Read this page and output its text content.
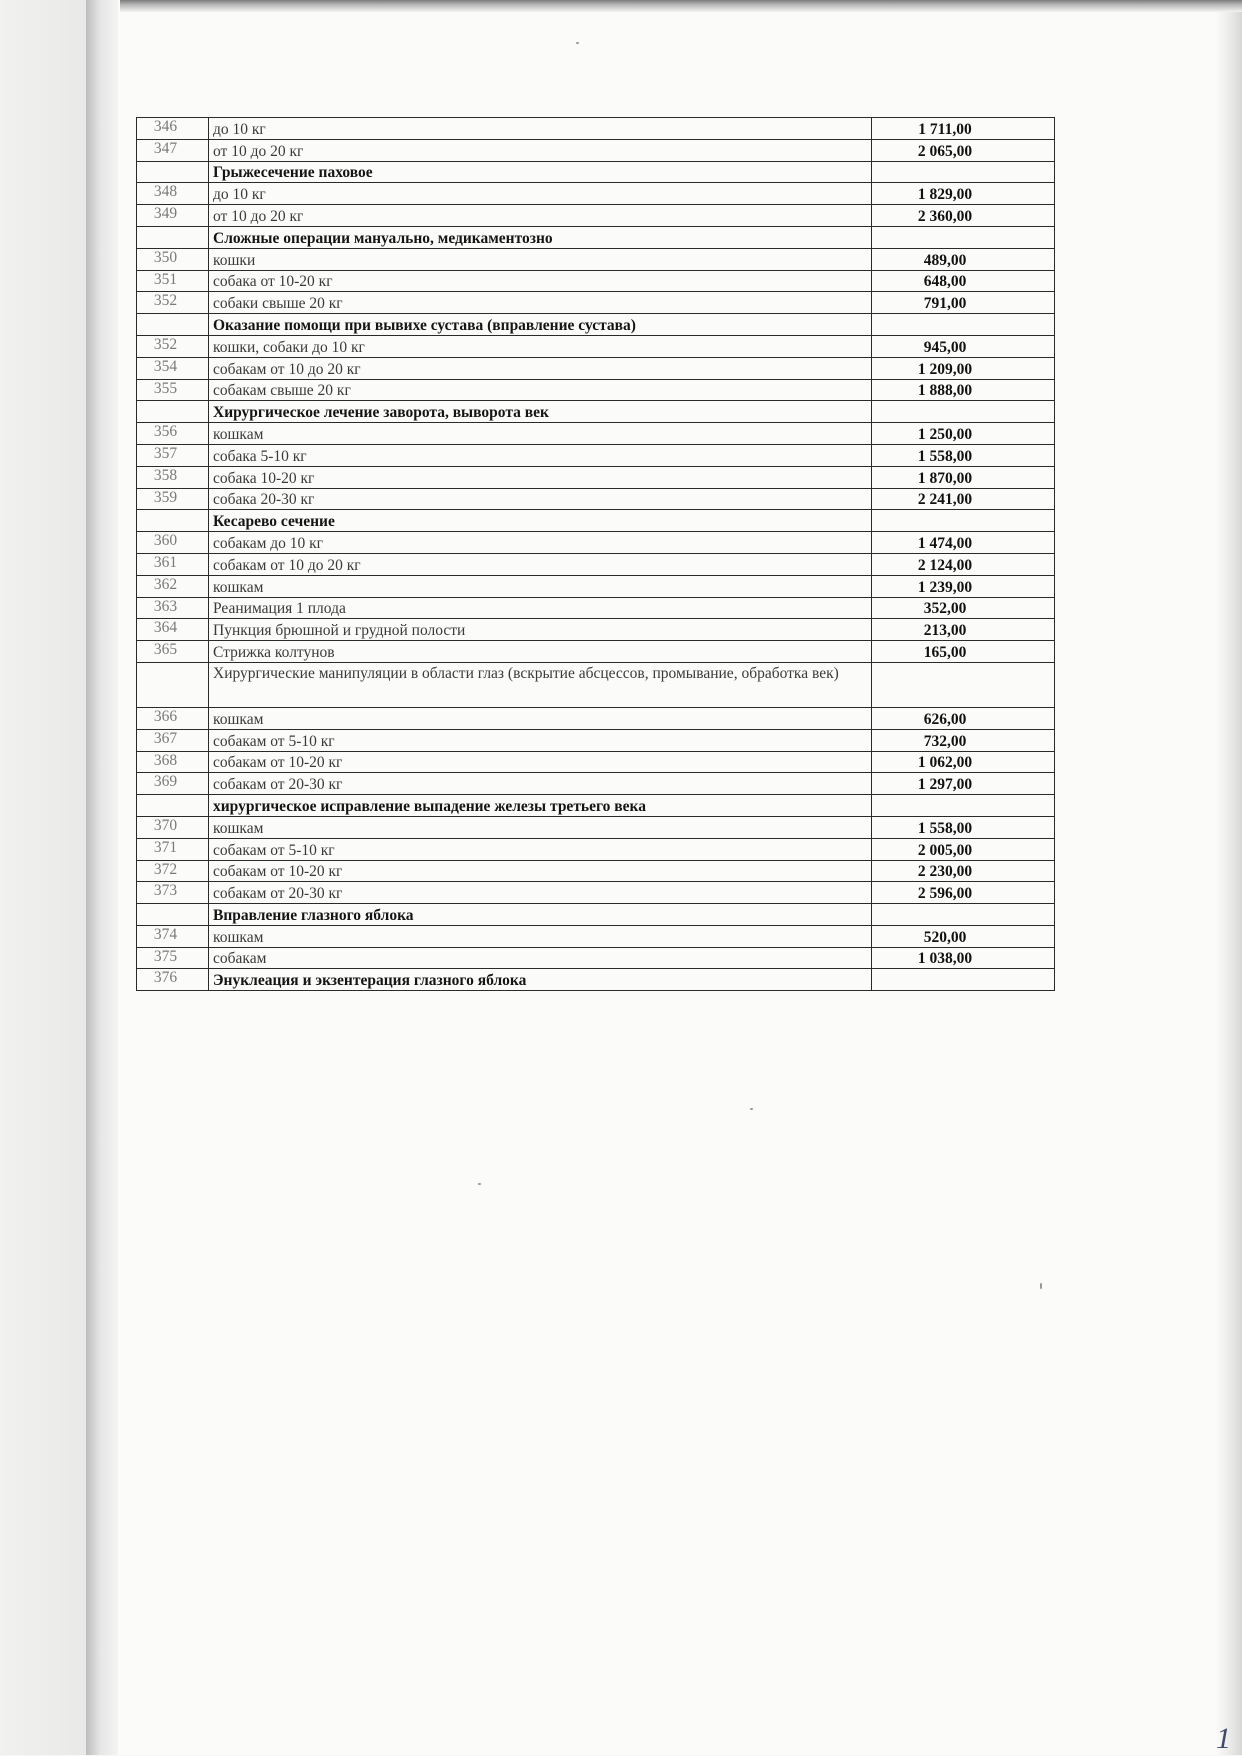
346	до 10 кг	1 711,00
347	от 10 до 20 кг	2 065,00
	Грыжесечение паховое	
348	до 10 кг	1 829,00
349	от 10 до 20 кг	2 360,00
	Сложные операции мануально, медикаментозно	
350	кошки	489,00
351	собака от 10-20 кг	648,00
352	собаки свыше 20 кг	791,00
	Оказание помощи при вывихе сустава (вправление сустава)	
352	кошки, собаки до 10 кг	945,00
354	собакам от 10 до 20 кг	1 209,00
355	собакам свыше 20 кг	1 888,00
	Хирургическое лечение заворота, выворота век	
356	кошкам	1 250,00
357	собака 5-10 кг	1 558,00
358	собака 10-20 кг	1 870,00
359	собака 20-30 кг	2 241,00
	Кесарево сечение	
360	собакам до 10 кг	1 474,00
361	собакам от 10 до 20 кг	2 124,00
362	кошкам	1 239,00
363	Реанимация 1 плода	352,00
364	Пункция брюшной и грудной полости	213,00
365	Стрижка колтунов	165,00
	Хирургические манипуляции в области глаз (вскрытие абсцессов, промывание, обработка век)	
366	кошкам	626,00
367	собакам от 5-10 кг	732,00
368	собакам от 10-20 кг	1 062,00
369	собакам от 20-30 кг	1 297,00
	хирургическое исправление выпадение железы третьего века	
370	кошкам	1 558,00
371	собакам от 5-10 кг	2 005,00
372	собакам от 10-20 кг	2 230,00
373	собакам от 20-30 кг	2 596,00
	Вправление глазного яблока	
374	кошкам	520,00
375	собакам	1 038,00
376	Энуклеация и экзентерация глазного яблока	
1
